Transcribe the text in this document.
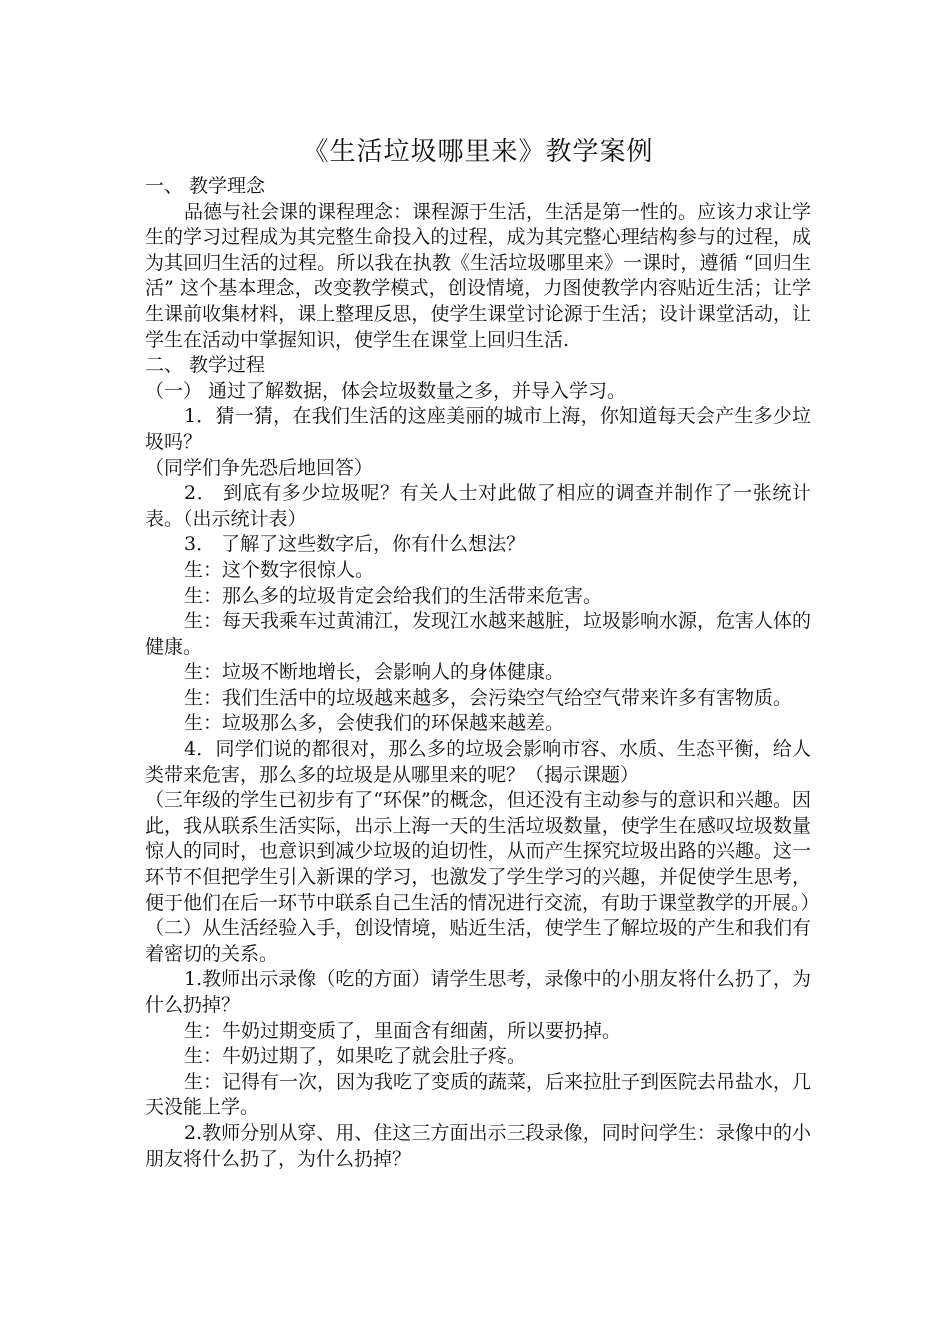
《生活垃圾哪里来》教学案例

一、 教学理念

品德与社会课的课程理念：课程源于生活，生活是第一性的。应该力求让学生的学习过程成为其完整生命投入的过程，成为其完整心理结构参与的过程，成为其回归生活的过程。所以我在执教《生活垃圾哪里来》一课时，遵循 “回归生活” 这个基本理念，改变教学模式，创设情境，力图使教学内容贴近生活；让学生课前收集材料，课上整理反思，使学生课堂讨论源于生活；设计课堂活动，让学生在活动中掌握知识，使学生在课堂上回归生活.

二、 教学过程

（一） 通过了解数据，体会垃圾数量之多，并导入学习。

1．猜一猜，在我们生活的这座美丽的城市上海，你知道每天会产生多少垃圾吗？

（同学们争先恐后地回答）

2． 到底有多少垃圾呢？有关人士对此做了相应的调查并制作了一张统计表。（出示统计表）

3． 了解了这些数字后，你有什么想法？

生：这个数字很惊人。

生：那么多的垃圾肯定会给我们的生活带来危害。

生：每天我乘车过黄浦江，发现江水越来越脏，垃圾影响水源，危害人体的健康。

生：垃圾不断地增长，会影响人的身体健康。

生：我们生活中的垃圾越来越多，会污染空气给空气带来许多有害物质。

生：垃圾那么多，会使我们的环保越来越差。

4．同学们说的都很对，那么多的垃圾会影响市容、水质、生态平衡，给人类带来危害，那么多的垃圾是从哪里来的呢？（揭示课题）

（三年级的学生已初步有了“环保”的概念，但还没有主动参与的意识和兴趣。因此，我从联系生活实际，出示上海一天的生活垃圾数量，使学生在感叹垃圾数量惊人的同时，也意识到减少垃圾的迫切性，从而产生探究垃圾出路的兴趣。这一环节不但把学生引入新课的学习，也激发了学生学习的兴趣，并促使学生思考，便于他们在后一环节中联系自己生活的情况进行交流，有助于课堂教学的开展。）

（二）从生活经验入手，创设情境，贴近生活，使学生了解垃圾的产生和我们有着密切的关系。

1.教师出示录像（吃的方面）请学生思考，录像中的小朋友将什么扔了，为什么扔掉？

生：牛奶过期变质了，里面含有细菌，所以要扔掉。

生：牛奶过期了，如果吃了就会肚子疼。

生：记得有一次，因为我吃了变质的蔬菜，后来拉肚子到医院去吊盐水，几天没能上学。

2.教师分别从穿、用、住这三方面出示三段录像，同时问学生：录像中的小朋友将什么扔了，为什么扔掉？
